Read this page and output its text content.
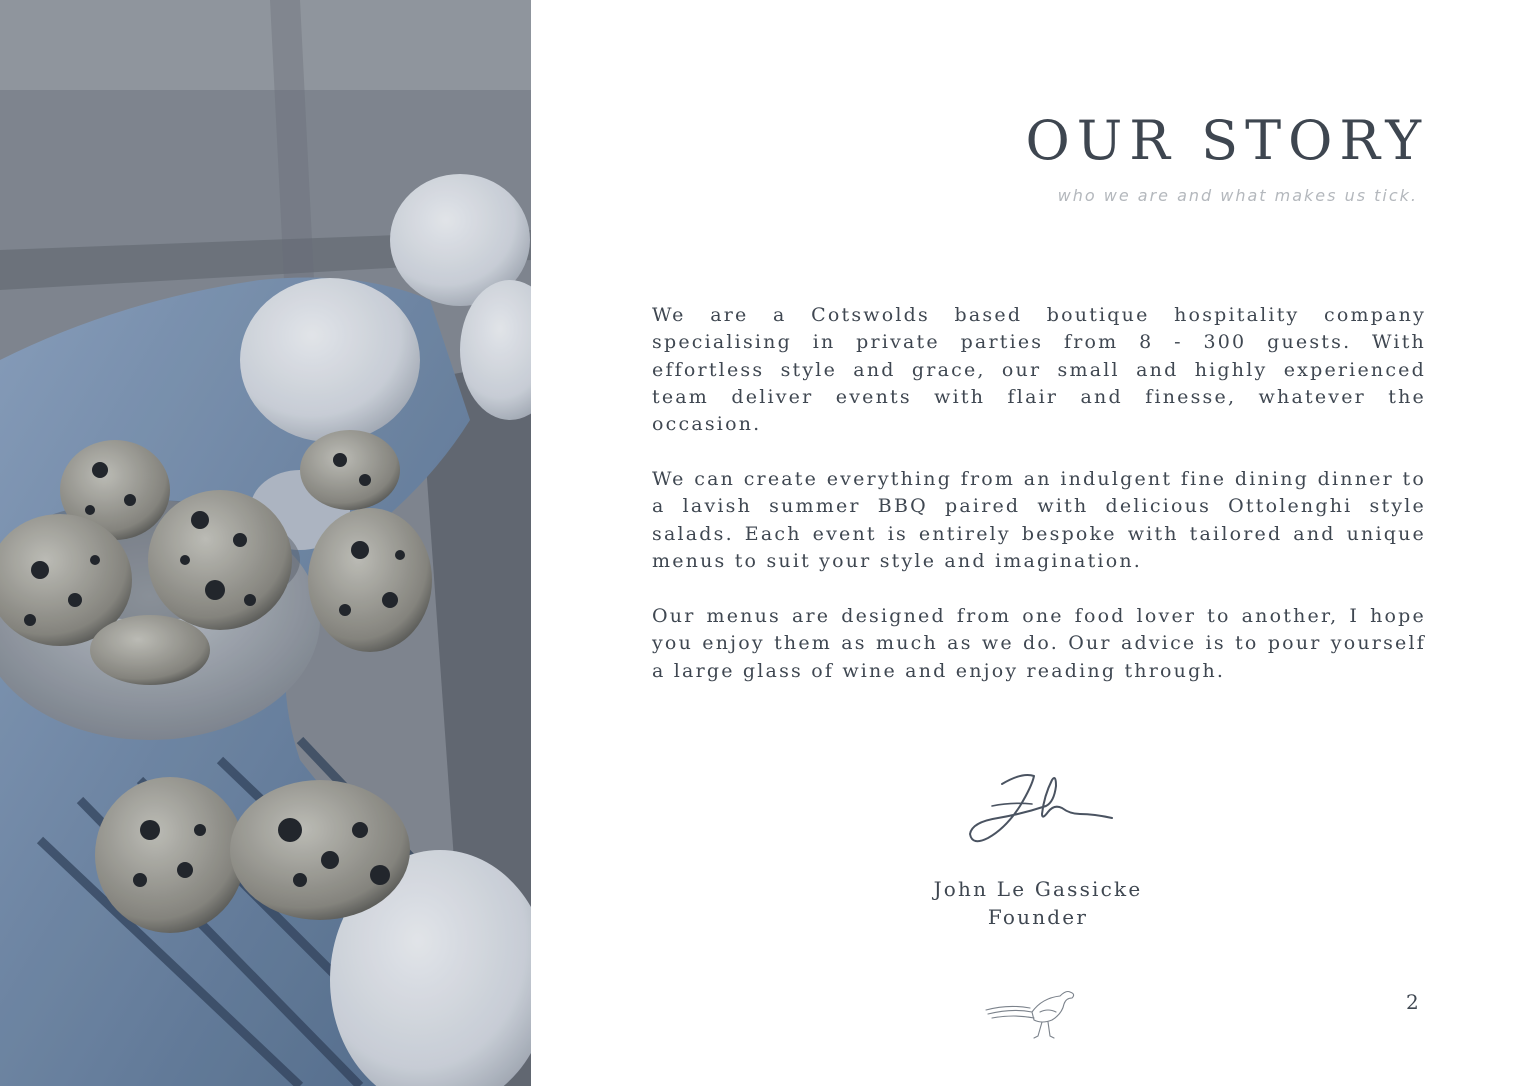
OUR STORY
who we are and what makes us tick.

We are a Cotswolds based boutique hospitality company specialising in private parties from 8 - 300 guests. With effortless style and grace, our small and highly experienced team deliver events with flair and finesse, whatever the occasion.

We can create everything from an indulgent fine dining dinner to a lavish summer BBQ paired with delicious Ottolenghi style salads. Each event is entirely bespoke with tailored and unique menus to suit your style and imagination.

Our menus are designed from one food lover to another, I hope you enjoy them as much as we do. Our advice is to pour yourself a large glass of wine and enjoy reading through.

John Le Gassicke
Founder
2
